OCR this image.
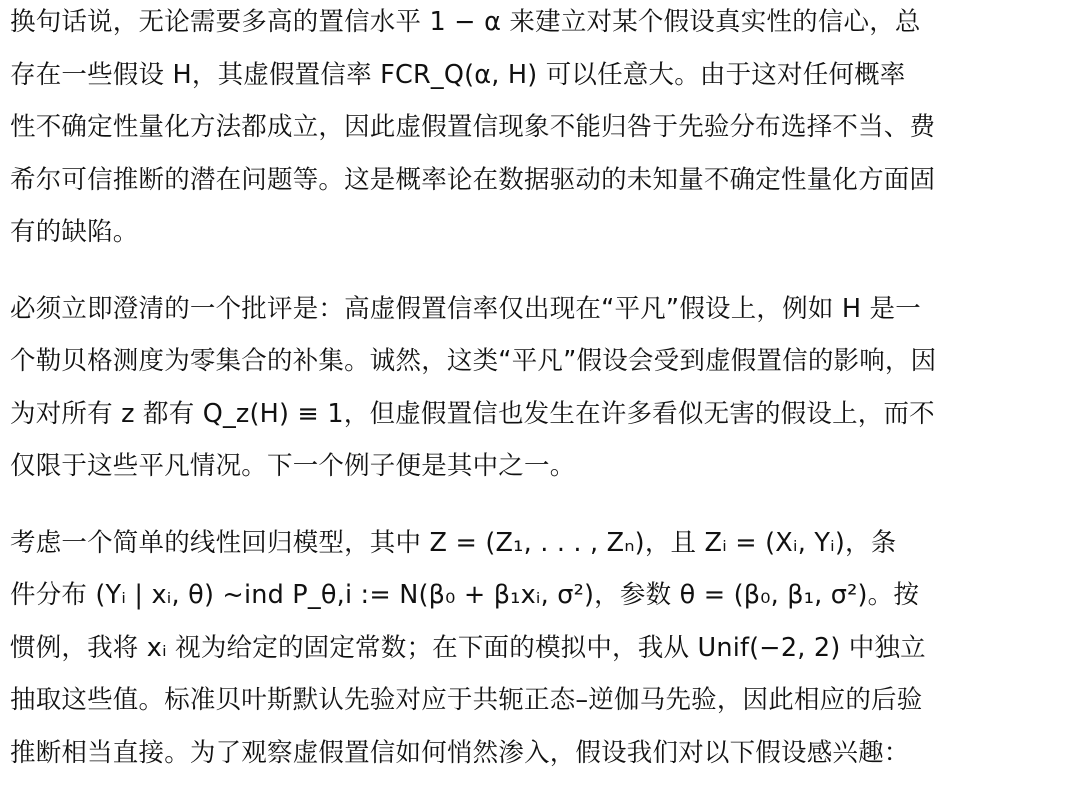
换句话说，无论需要多高的置信水平 1 − α 来建立对某个假设真实性的信心，总
存在一些假设 H，其虚假置信率 FCR_Q(α, H) 可以任意大。由于这对任何概率
性不确定性量化方法都成立，因此虚假置信现象不能归咎于先验分布选择不当、费
希尔可信推断的潜在问题等。这是概率论在数据驱动的未知量不确定性量化方面固
有的缺陷。

必须立即澄清的一个批评是：高虚假置信率仅出现在“平凡”假设上，例如 H 是一
个勒贝格测度为零集合的补集。诚然，这类“平凡”假设会受到虚假置信的影响，因
为对所有 z 都有 Q_z(H) ≡ 1，但虚假置信也发生在许多看似无害的假设上，而不
仅限于这些平凡情况。下一个例子便是其中之一。

考虑一个简单的线性回归模型，其中 Z = (Z₁, . . . , Zₙ)，且 Zᵢ = (Xᵢ, Yᵢ)，条
件分布 (Yᵢ | xᵢ, θ) ~ind P_θ,i := N(β₀ + β₁xᵢ, σ²)，参数 θ = (β₀, β₁, σ²)。按
惯例，我将 xᵢ 视为给定的固定常数；在下面的模拟中，我从 Unif(−2, 2) 中独立
抽取这些值。标准贝叶斯默认先验对应于共轭正态–逆伽马先验，因此相应的后验
推断相当直接。为了观察虚假置信如何悄然渗入，假设我们对以下假设感兴趣：
